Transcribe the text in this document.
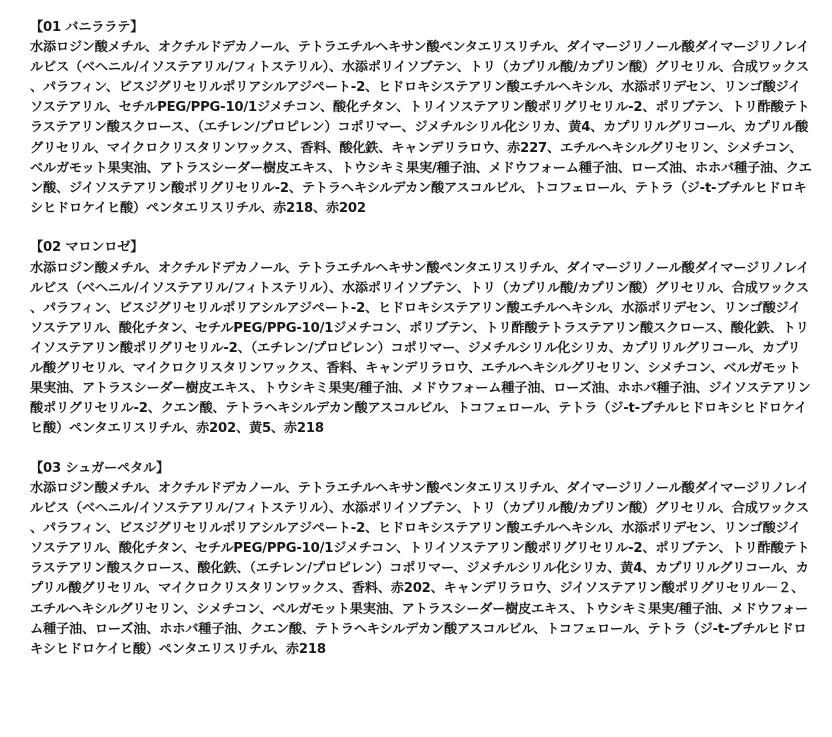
【01 バニララテ】
水添ロジン酸メチル、オクチルドデカノール、テトラエチルヘキサン酸ペンタエリスリチル、ダイマージリノール酸ダイマージリノレイルビス（ベヘニル/イソステアリル/フィトステリル）、水添ポリイソブテン、トリ（カプリル酸/カプリン酸）グリセリル、合成ワックス、パラフィン、ビスジグリセリルポリアシルアジペート-2、ヒドロキシステアリン酸エチルヘキシル、水添ポリデセン、リンゴ酸ジイソステアリル、セチルPEG/PPG-10/1ジメチコン、酸化チタン、トリイソステアリン酸ポリグリセリル-2、ポリブテン、トリ酢酸テトラステアリン酸スクロース、（エチレン/プロピレン）コポリマー、ジメチルシリル化シリカ、黄4、カプリリルグリコール、カプリル酸グリセリル、マイクロクリスタリンワックス、香料、酸化鉄、キャンデリラロウ、赤227、エチルヘキシルグリセリン、シメチコン、ベルガモット果実油、アトラスシーダー樹皮エキス、トウシキミ果実/種子油、メドウフォーム種子油、ローズ油、ホホバ種子油、クエン酸、ジイソステアリン酸ポリグリセリル-2、テトラヘキシルデカン酸アスコルビル、トコフェロール、テトラ（ジ-t-ブチルヒドロキシヒドロケイヒ酸）ペンタエリスリチル、赤218、赤202
【02 マロンロゼ】
水添ロジン酸メチル、オクチルドデカノール、テトラエチルヘキサン酸ペンタエリスリチル、ダイマージリノール酸ダイマージリノレイルビス（ベヘニル/イソステアリル/フィトステリル）、水添ポリイソブテン、トリ（カプリル酸/カプリン酸）グリセリル、合成ワックス、パラフィン、ビスジグリセリルポリアシルアジペート-2、ヒドロキシステアリン酸エチルヘキシル、水添ポリデセン、リンゴ酸ジイソステアリル、酸化チタン、セチルPEG/PPG-10/1ジメチコン、ポリブテン、トリ酢酸テトラステアリン酸スクロース、酸化鉄、トリイソステアリン酸ポリグリセリル-2、（エチレン/プロピレン）コポリマー、ジメチルシリル化シリカ、カプリリルグリコール、カプリル酸グリセリル、マイクロクリスタリンワックス、香料、キャンデリラロウ、エチルヘキシルグリセリン、シメチコン、ベルガモット果実油、アトラスシーダー樹皮エキス、トウシキミ果実/種子油、メドウフォーム種子油、ローズ油、ホホバ種子油、ジイソステアリン酸ポリグリセリル-2、クエン酸、テトラヘキシルデカン酸アスコルビル、トコフェロール、テトラ（ジ-t-ブチルヒドロキシヒドロケイヒ酸）ペンタエリスリチル、赤202、黄5、赤218
【03 シュガーペタル】
水添ロジン酸メチル、オクチルドデカノール、テトラエチルヘキサン酸ペンタエリスリチル、ダイマージリノール酸ダイマージリノレイルビス（ベヘニル/イソステアリル/フィトステリル）、水添ポリイソブテン、トリ（カプリル酸/カプリン酸）グリセリル、合成ワックス、パラフィン、ビスジグリセリルポリアシルアジペート-2、ヒドロキシステアリン酸エチルヘキシル、水添ポリデセン、リンゴ酸ジイソステアリル、酸化チタン、セチルPEG/PPG-10/1ジメチコン、トリイソステアリン酸ポリグリセリル-2、ポリブテン、トリ酢酸テトラステアリン酸スクロース、酸化鉄、（エチレン/プロピレン）コポリマー、ジメチルシリル化シリカ、黄4、カプリリルグリコール、カプリル酸グリセリル、マイクロクリスタリンワックス、香料、赤202、キャンデリラロウ、ジイソステアリン酸ポリグリセリル－２、エチルヘキシルグリセリン、シメチコン、ベルガモット果実油、アトラスシーダー樹皮エキス、トウシキミ果実/種子油、メドウフォーム種子油、ローズ油、ホホバ種子油、クエン酸、テトラヘキシルデカン酸アスコルビル、トコフェロール、テトラ（ジ-t-ブチルヒドロキシヒドロケイヒ酸）ペンタエリスリチル、赤218
